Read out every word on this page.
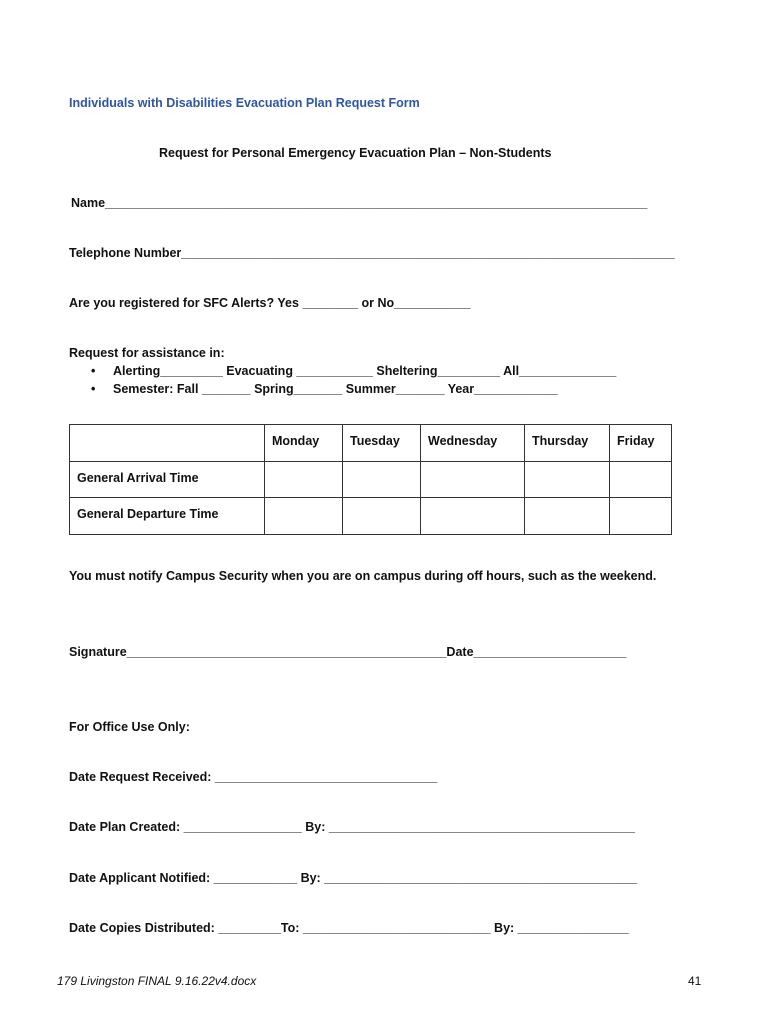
Individuals with Disabilities Evacuation Plan Request Form
Request for Personal Emergency Evacuation Plan – Non-Students
Name______________________________________________________________________________
Telephone Number_______________________________________________________________________
Are you registered for SFC Alerts? Yes ________ or No___________
Request for assistance in:
• Alerting_________ Evacuating ___________ Sheltering_________ All______________
• Semester: Fall _______ Spring_______ Summer_______ Year____________
	Monday	Tuesday	Wednesday	Thursday	Friday
General Arrival Time					
General Departure Time					
You must notify Campus Security when you are on campus during off hours, such as the weekend.
Signature______________________________________________Date______________________
For Office Use Only:
Date Request Received: ________________________________
Date Plan Created: _________________ By: ____________________________________________
Date Applicant Notified: ____________ By: _____________________________________________
Date Copies Distributed: _________To: ___________________________ By: ________________
179 Livingston FINAL 9.16.22v4.docx	41
